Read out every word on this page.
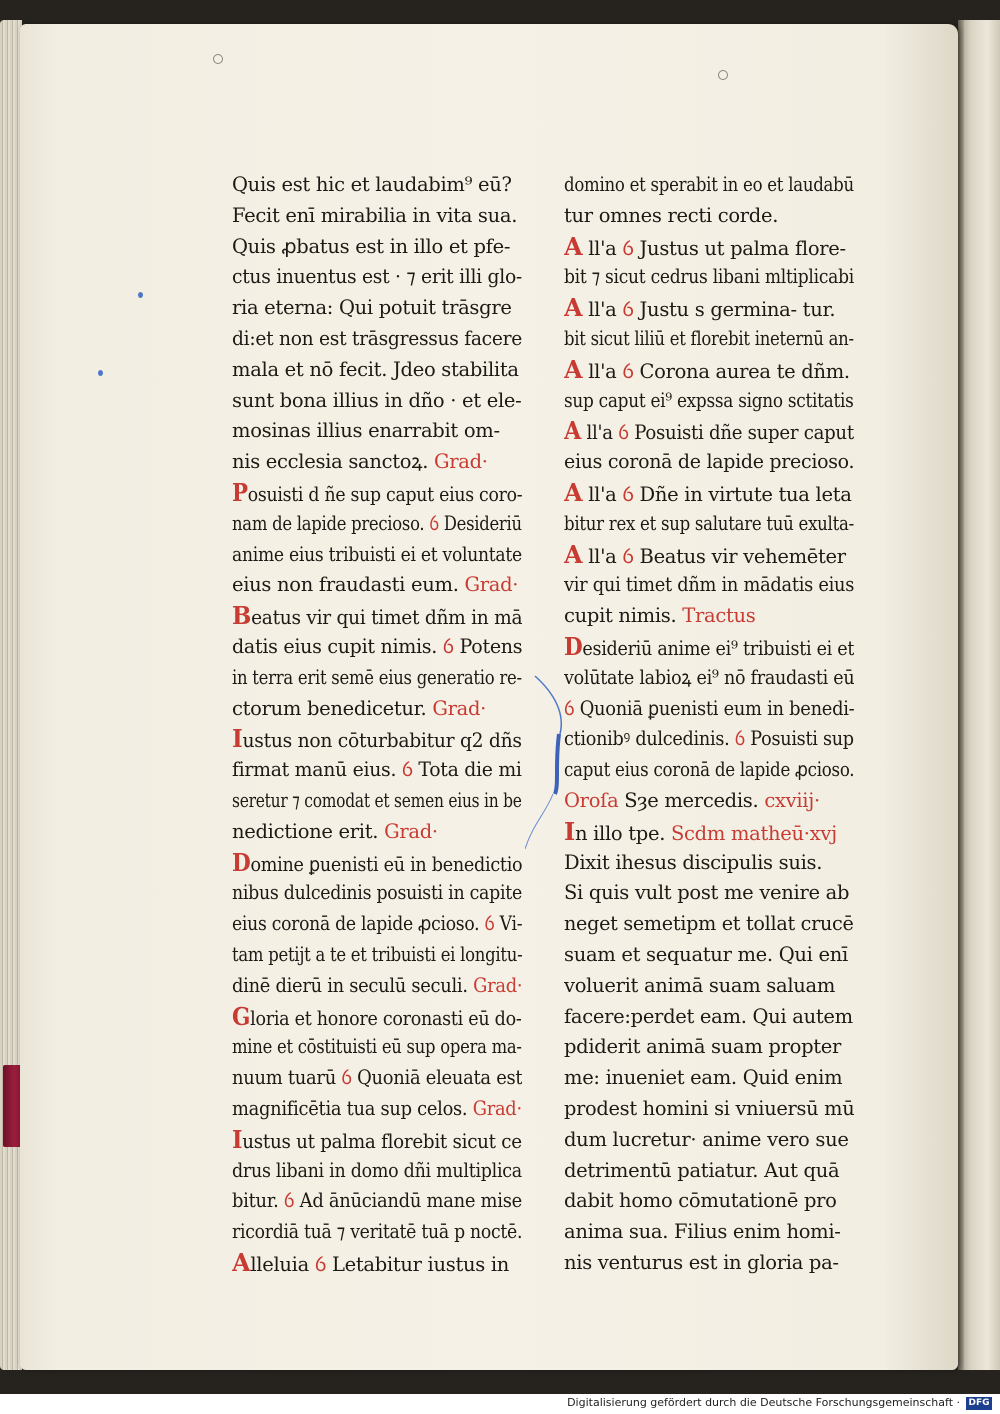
Quis est hic et laudabim⁹ eū?
Fecit enī mirabilia in vita sua.
Quis ꝓbatus est in illo et pfe-
ctus inuentus est · ⁊ erit illi glo-
ria eterna: Qui potuit trāsgre
di:et non est trāsgressus facere
mala et nō fecit. Jdeo stabilita
sunt bona illius in dño · et ele-
mosinas illius enarrabit om-
nis ecclesia sanctoꝝ. Grad·
Posuisti d ñe sup caput eius coro-
nam de lapide precioso. ỽ Desideriū
anime eius tribuisti ei et voluntate
eius non fraudasti eum. Grad·
Beatus vir qui timet dñm in mā
datis eius cupit nimis. ỽ Potens
in terra erit semē eius generatio re-
ctorum benedicetur. Grad·
Iustus non cōturbabitur q2 dñs
firmat manū eius. ỽ Tota die mi
seretur ⁊ comodat et semen eius in be
nedictione erit. Grad·
Domine ꝑuenisti eū in benedictio
nibus dulcedinis posuisti in capite
eius coronā de lapide ꝓcioso. ỽ Vi-
tam petijt a te et tribuisti ei longitu-
dinē dierū in seculū seculi. Grad·
Gloria et honore coronasti eū do-
mine et cōstituisti eū sup opera ma-
nuum tuarū ỽ Quoniā eleuata est
magnificētia tua sup celos. Grad·
Iustus ut palma florebit sicut ce
drus libani in domo dñi multiplica
bitur. ỽ Ad ānūciandū mane mise
ricordiā tuā ⁊ veritatē tuā p noctē.
Alleluia ỽ Letabitur iustus in
domino et sperabit in eo et laudabū
tur omnes recti corde.
A ll'a ỽ Justus ut palma flore-
bit ⁊ sicut cedrus libani mltiplicabi
A ll'a ỽ Justu s germina- tur.
bit sicut liliū et florebit ineternū an-
A ll'a ỽ Corona aurea te dñm.
sup caput ei⁹ expssa signo sctitatis
A ll'a ỽ Posuisti dñe super caput
eius coronā de lapide precioso.
A ll'a ỽ Dñe in virtute tua leta
bitur rex et sup salutare tuū exulta-
A ll'a ỽ Beatus vir vehemēter
vir qui timet dñm in mādatis eius
cupit nimis. Tractus
Desideriū anime ei⁹ tribuisti ei et
volūtate labioꝝ ei⁹ nō fraudasti eū
ỽ Quoniā ꝑuenisti eum in benedi-
ctionibꝰ dulcedinis. ỽ Posuisti sup
caput eius coronā de lapide ꝓcioso.
Oroſa Sȝe mercedis. cxviij·
In illo tpe. Scdm matheū·xvj
Dixit ihesus discipulis suis.
Si quis vult post me venire ab
neget semetipm et tollat crucē
suam et sequatur me. Qui enī
voluerit animā suam saluam
facere:perdet eam. Qui autem
pdiderit animā suam propter
me: inueniet eam. Quid enim
prodest homini si vniuersū mū
dum lucretur· anime vero sue
detrimentū patiatur. Aut quā
dabit homo cōmutationē pro
anima sua. Filius enim homi-
nis venturus est in gloria pa-
Digitalisierung gefördert durch die Deutsche Forschungsgemeinschaft · DFG
